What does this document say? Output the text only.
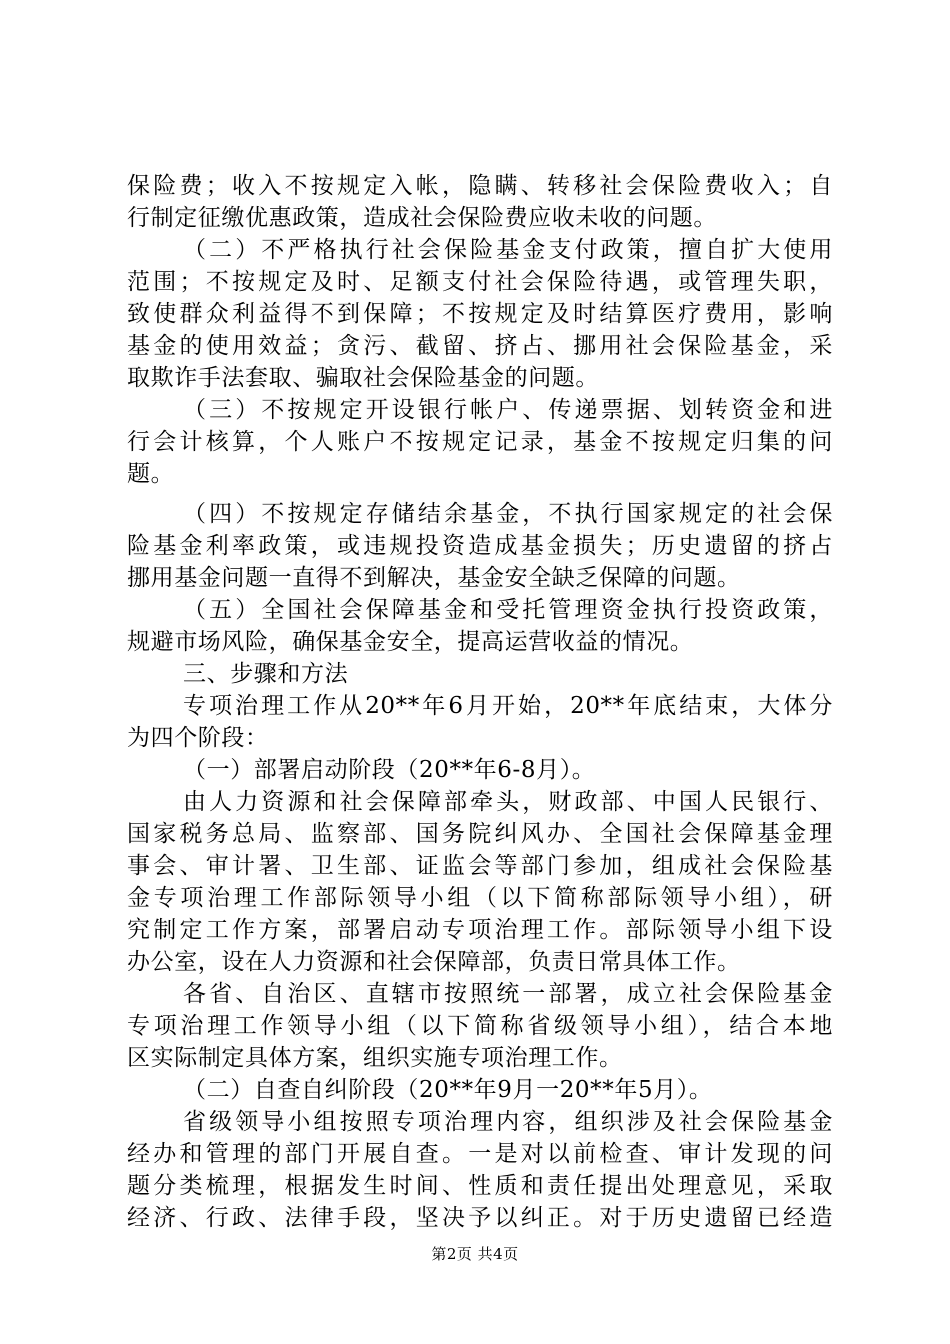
保险费；收入不按规定入帐，隐瞒、转移社会保险费收入；自
行制定征缴优惠政策，造成社会保险费应收未收的问题。
（二）不严格执行社会保险基金支付政策，擅自扩大使用
范围；不按规定及时、足额支付社会保险待遇，或管理失职，
致使群众利益得不到保障；不按规定及时结算医疗费用，影响
基金的使用效益；贪污、截留、挤占、挪用社会保险基金，采
取欺诈手法套取、骗取社会保险基金的问题。
（三）不按规定开设银行帐户、传递票据、划转资金和进
行会计核算，个人账户不按规定记录，基金不按规定归集的问
题。
（四）不按规定存储结余基金，不执行国家规定的社会保
险基金利率政策，或违规投资造成基金损失；历史遗留的挤占
挪用基金问题一直得不到解决，基金安全缺乏保障的问题。
（五）全国社会保障基金和受托管理资金执行投资政策，
规避市场风险，确保基金安全，提高运营收益的情况。
三、步骤和方法
专项治理工作从20**年6月开始，20**年底结束，大体分
为四个阶段：
（一）部署启动阶段（20**年6-8月）。
由人力资源和社会保障部牵头，财政部、中国人民银行、
国家税务总局、监察部、国务院纠风办、全国社会保障基金理
事会、审计署、卫生部、证监会等部门参加，组成社会保险基
金专项治理工作部际领导小组（以下简称部际领导小组），研
究制定工作方案，部署启动专项治理工作。部际领导小组下设
办公室，设在人力资源和社会保障部，负责日常具体工作。
各省、自治区、直辖市按照统一部署，成立社会保险基金
专项治理工作领导小组（以下简称省级领导小组），结合本地
区实际制定具体方案，组织实施专项治理工作。
（二）自查自纠阶段（20**年9月一20**年5月）。
省级领导小组按照专项治理内容，组织涉及社会保险基金
经办和管理的部门开展自查。一是对以前检查、审计发现的问
题分类梳理，根据发生时间、性质和责任提出处理意见，采取
经济、行政、法律手段，坚决予以纠正。对于历史遗留已经造
第2页 共4页
